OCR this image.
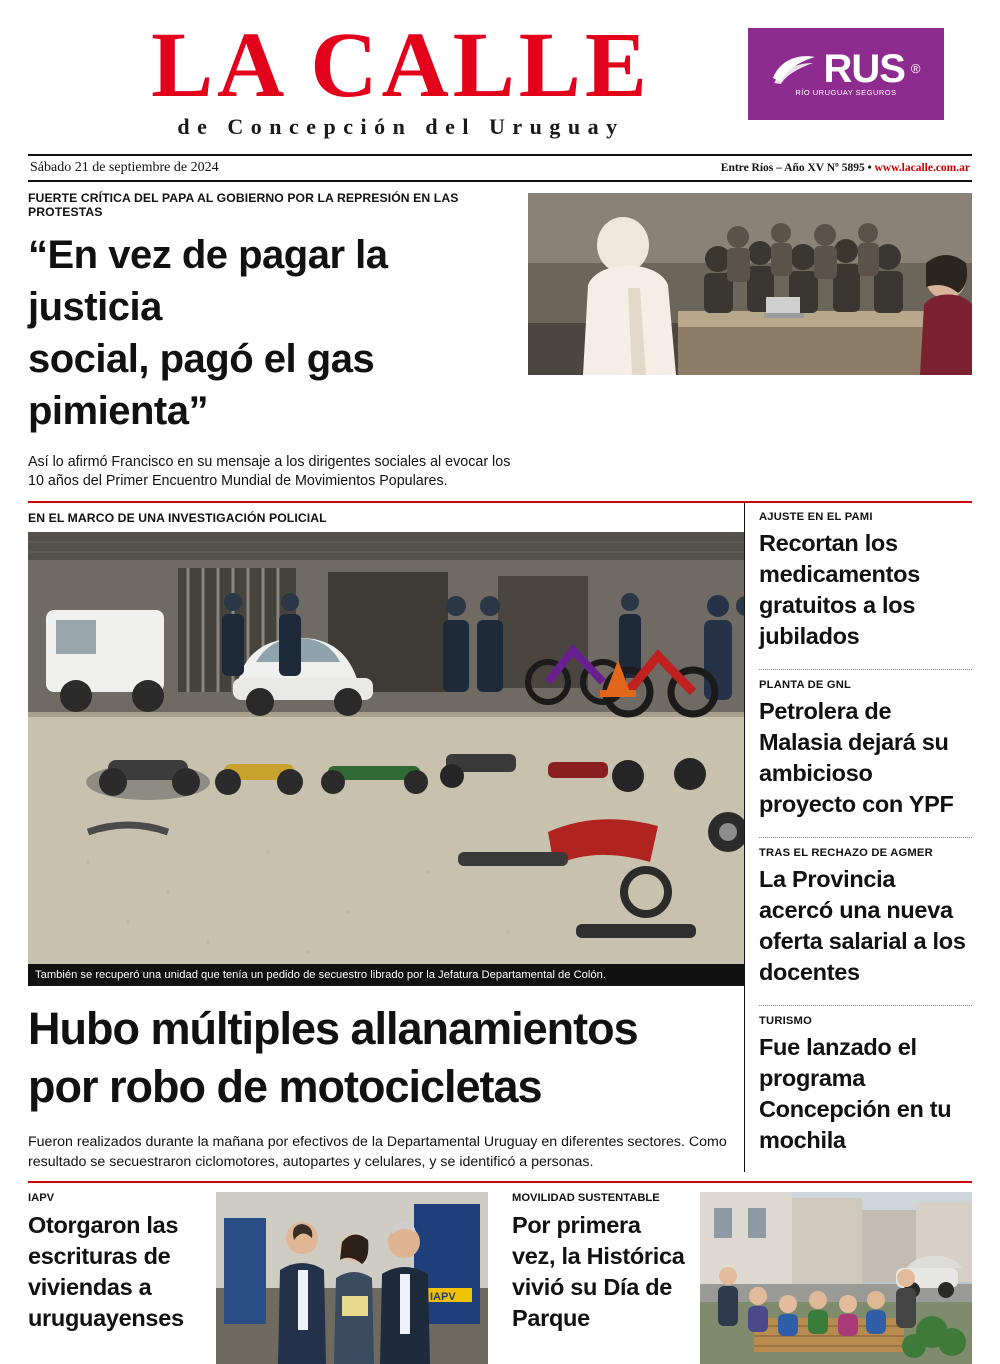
LA CALLE
de Concepción del Uruguay
RUS ®
RÍO URUGUAY SEGUROS
Sábado 21 de septiembre de 2024	Entre Ríos – Año XV Nº 5895 • www.lacalle.com.ar
FUERTE CRÍTICA DEL PAPA AL GOBIERNO POR LA REPRESIÓN EN LAS PROTESTAS
“En vez de pagar la justicia
social, pagó el gas pimienta”
Así lo afirmó Francisco en su mensaje a los dirigentes sociales al evocar los 10 años del Primer Encuentro Mundial de Movimientos Populares.
EN EL MARCO DE UNA INVESTIGACIÓN POLICIAL
También se recuperó una unidad que tenía un pedido de secuestro librado por la Jefatura Departamental de Colón.
Hubo múltiples allanamientos
por robo de motocicletas
Fueron realizados durante la mañana por efectivos de la Departamental Uruguay en diferentes sectores. Como resultado se secuestraron ciclomotores, autopartes y celulares, y se identificó a personas.
AJUSTE EN EL PAMI
Recortan los medicamentos gratuitos a los jubilados
PLANTA DE GNL
Petrolera de Malasia dejará su ambicioso proyecto con YPF
TRAS EL RECHAZO DE AGMER
La Provincia acercó una nueva oferta salarial a los docentes
TURISMO
Fue lanzado el programa Concepción en tu mochila
IAPV
Otorgaron las escrituras de viviendas a uruguayenses
IAPV
MOVILIDAD SUSTENTABLE
Por primera vez, la Histórica vivió su Día de Parque
